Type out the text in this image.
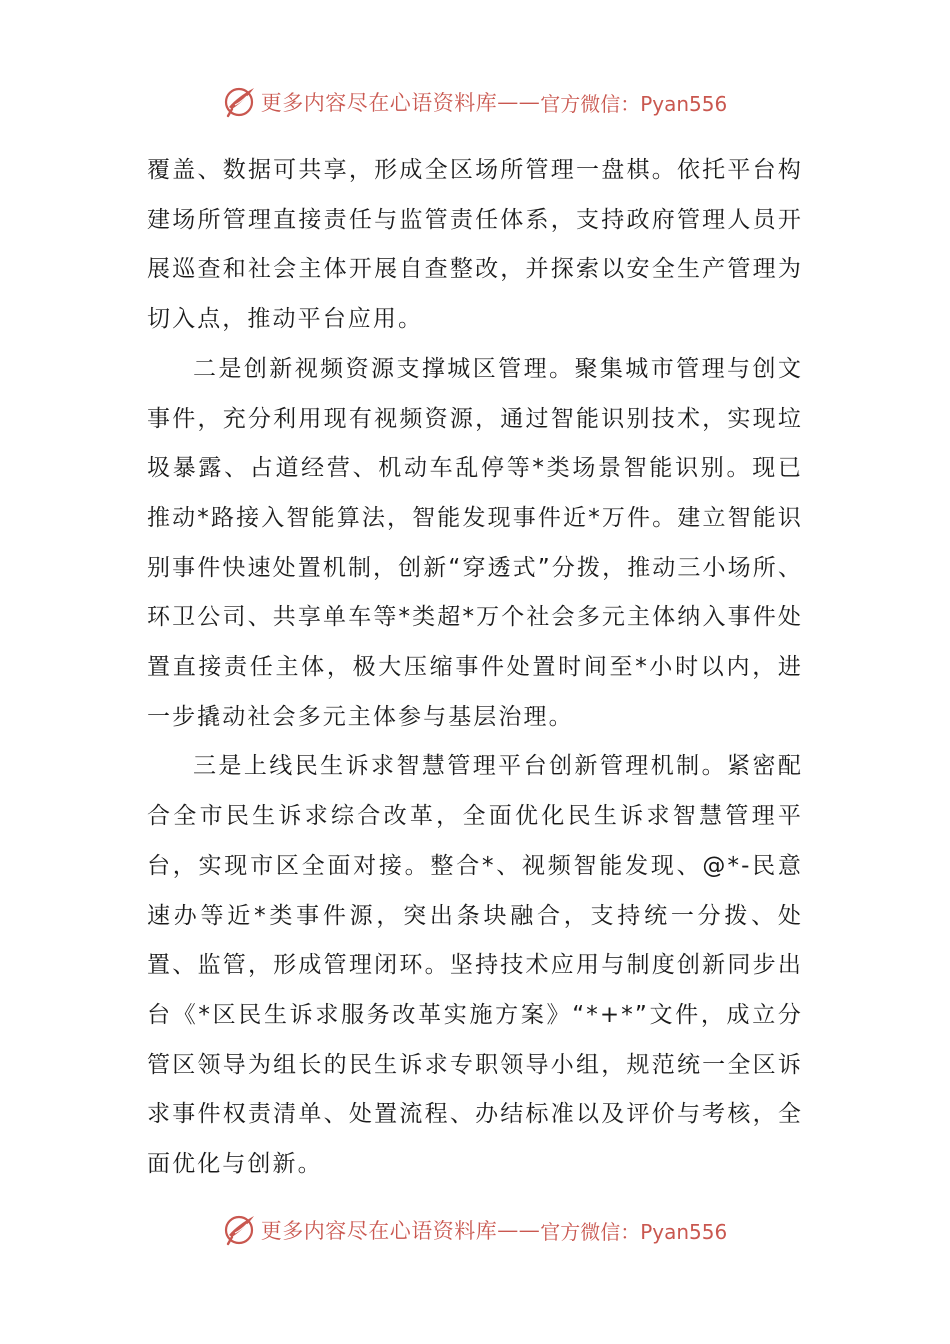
更多内容尽在心语资料库 —— 官方微信：Pyan556

覆盖、数据可共享，形成全区场所管理一盘棋。依托平台构建场所管理直接责任与监管责任体系，支持政府管理人员开展巡查和社会主体开展自查整改，并探索以安全生产管理为切入点，推动平台应用。

二是创新视频资源支撑城区管理。聚集城市管理与创文事件，充分利用现有视频资源，通过智能识别技术，实现垃圾暴露、占道经营、机动车乱停等*类场景智能识别。现已推动*路接入智能算法，智能发现事件近*万件。建立智能识别事件快速处置机制，创新“穿透式”分拨，推动三小场所、环卫公司、共享单车等*类超*万个社会多元主体纳入事件处置直接责任主体，极大压缩事件处置时间至*小时以内，进一步撬动社会多元主体参与基层治理。

三是上线民生诉求智慧管理平台创新管理机制。紧密配合全市民生诉求综合改革，全面优化民生诉求智慧管理平台，实现市区全面对接。整合*、视频智能发现、@*-民意速办等近*类事件源，突出条块融合，支持统一分拨、处置、监管，形成管理闭环。坚持技术应用与制度创新同步出台《*区民生诉求服务改革实施方案》“*+*”文件，成立分管区领导为组长的民生诉求专职领导小组，规范统一全区诉求事件权责清单、处置流程、办结标准以及评价与考核，全面优化与创新。

更多内容尽在心语资料库 —— 官方微信：Pyan556
